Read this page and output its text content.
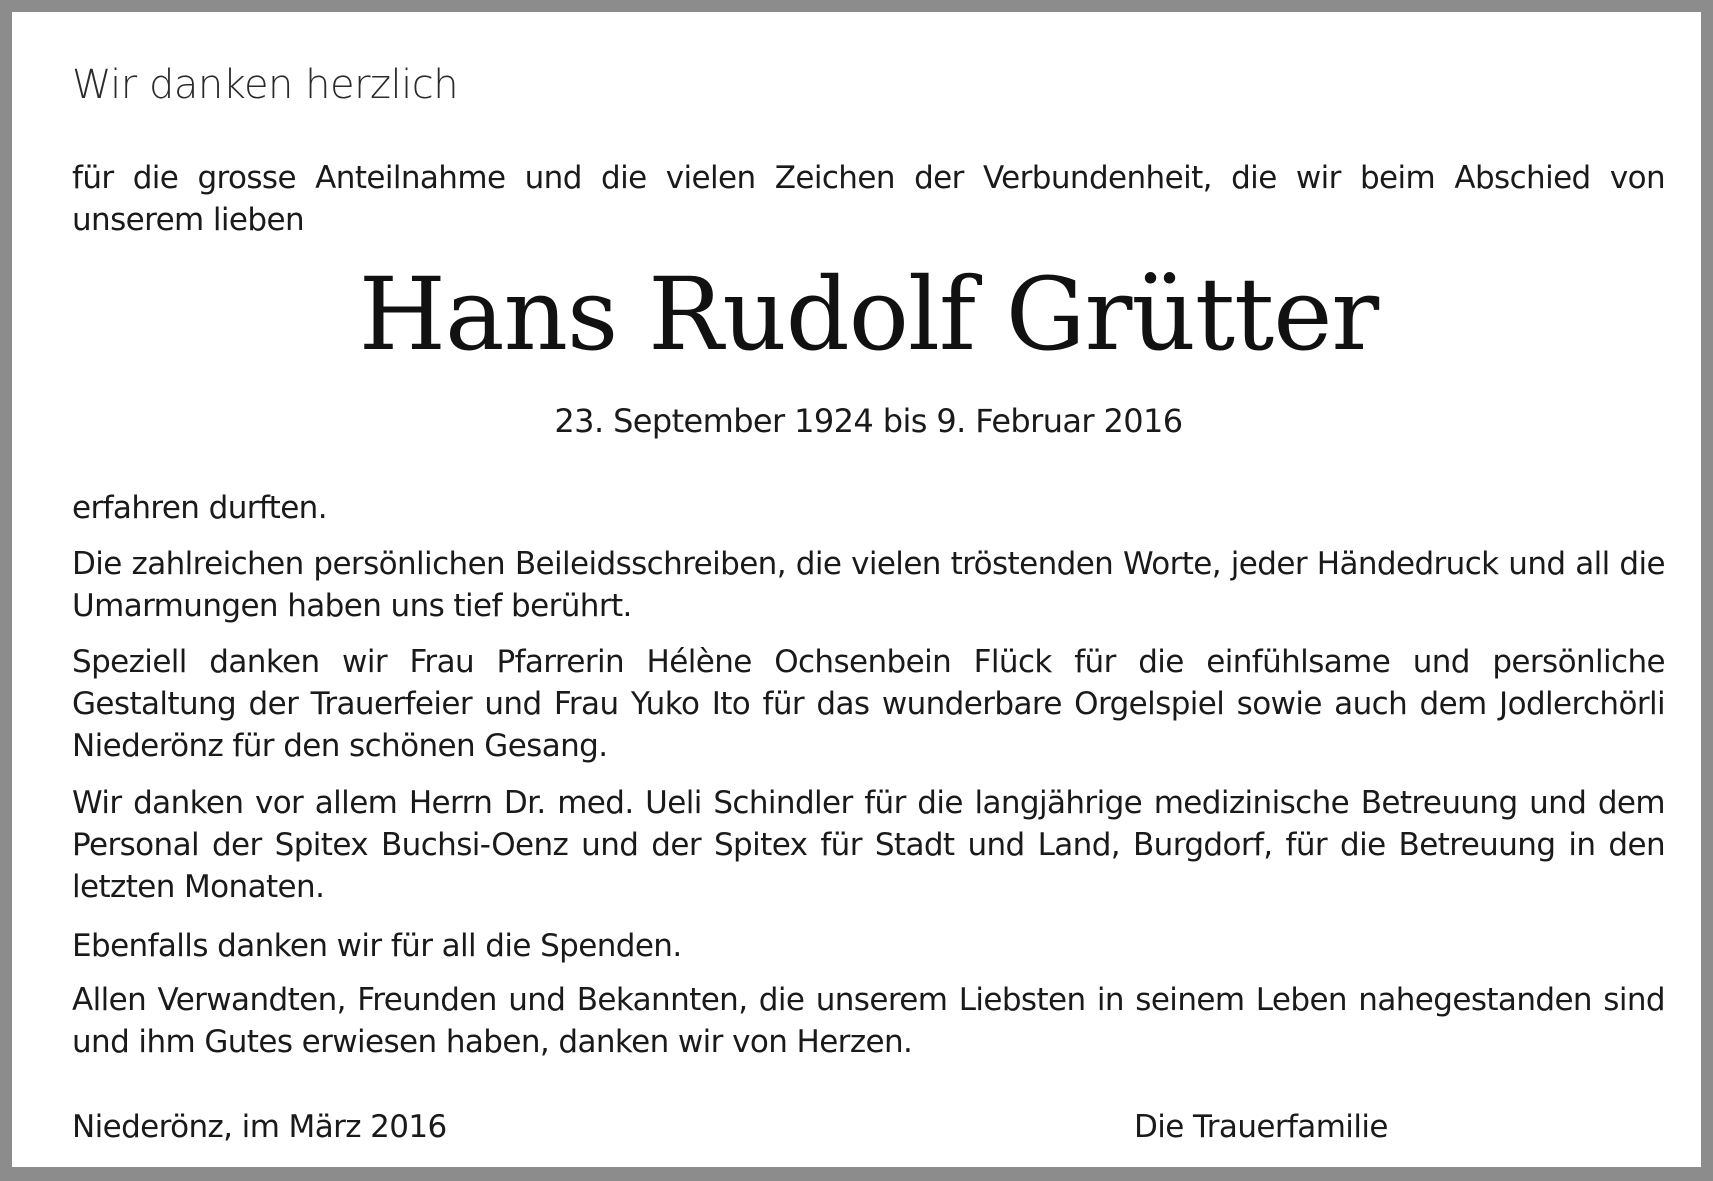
Wir danken herzlich
für die grosse Anteilnahme und die vielen Zeichen der Verbundenheit, die wir beim Abschied von unserem lieben
Hans Rudolf Grütter
23. September 1924 bis 9. Februar 2016
erfahren durften.
Die zahlreichen persönlichen Beileidsschreiben, die vielen tröstenden Worte, jeder Händedruck und all die Umarmungen haben uns tief berührt.
Speziell danken wir Frau Pfarrerin Hélène Ochsenbein Flück für die einfühlsame und persönliche Gestaltung der Trauerfeier und Frau Yuko Ito für das wunderbare Orgelspiel sowie auch dem Jodlerchörli Niederönz für den schönen Gesang.
Wir danken vor allem Herrn Dr. med. Ueli Schindler für die langjährige medizinische Betreuung und dem Personal der Spitex Buchsi-Oenz und der Spitex für Stadt und Land, Burgdorf, für die Betreuung in den letzten Monaten.
Ebenfalls danken wir für all die Spenden.
Allen Verwandten, Freunden und Bekannten, die unserem Liebsten in seinem Leben nahegestanden sind und ihm Gutes erwiesen haben, danken wir von Herzen.
Niederönz, im März 2016	Die Trauerfamilie
